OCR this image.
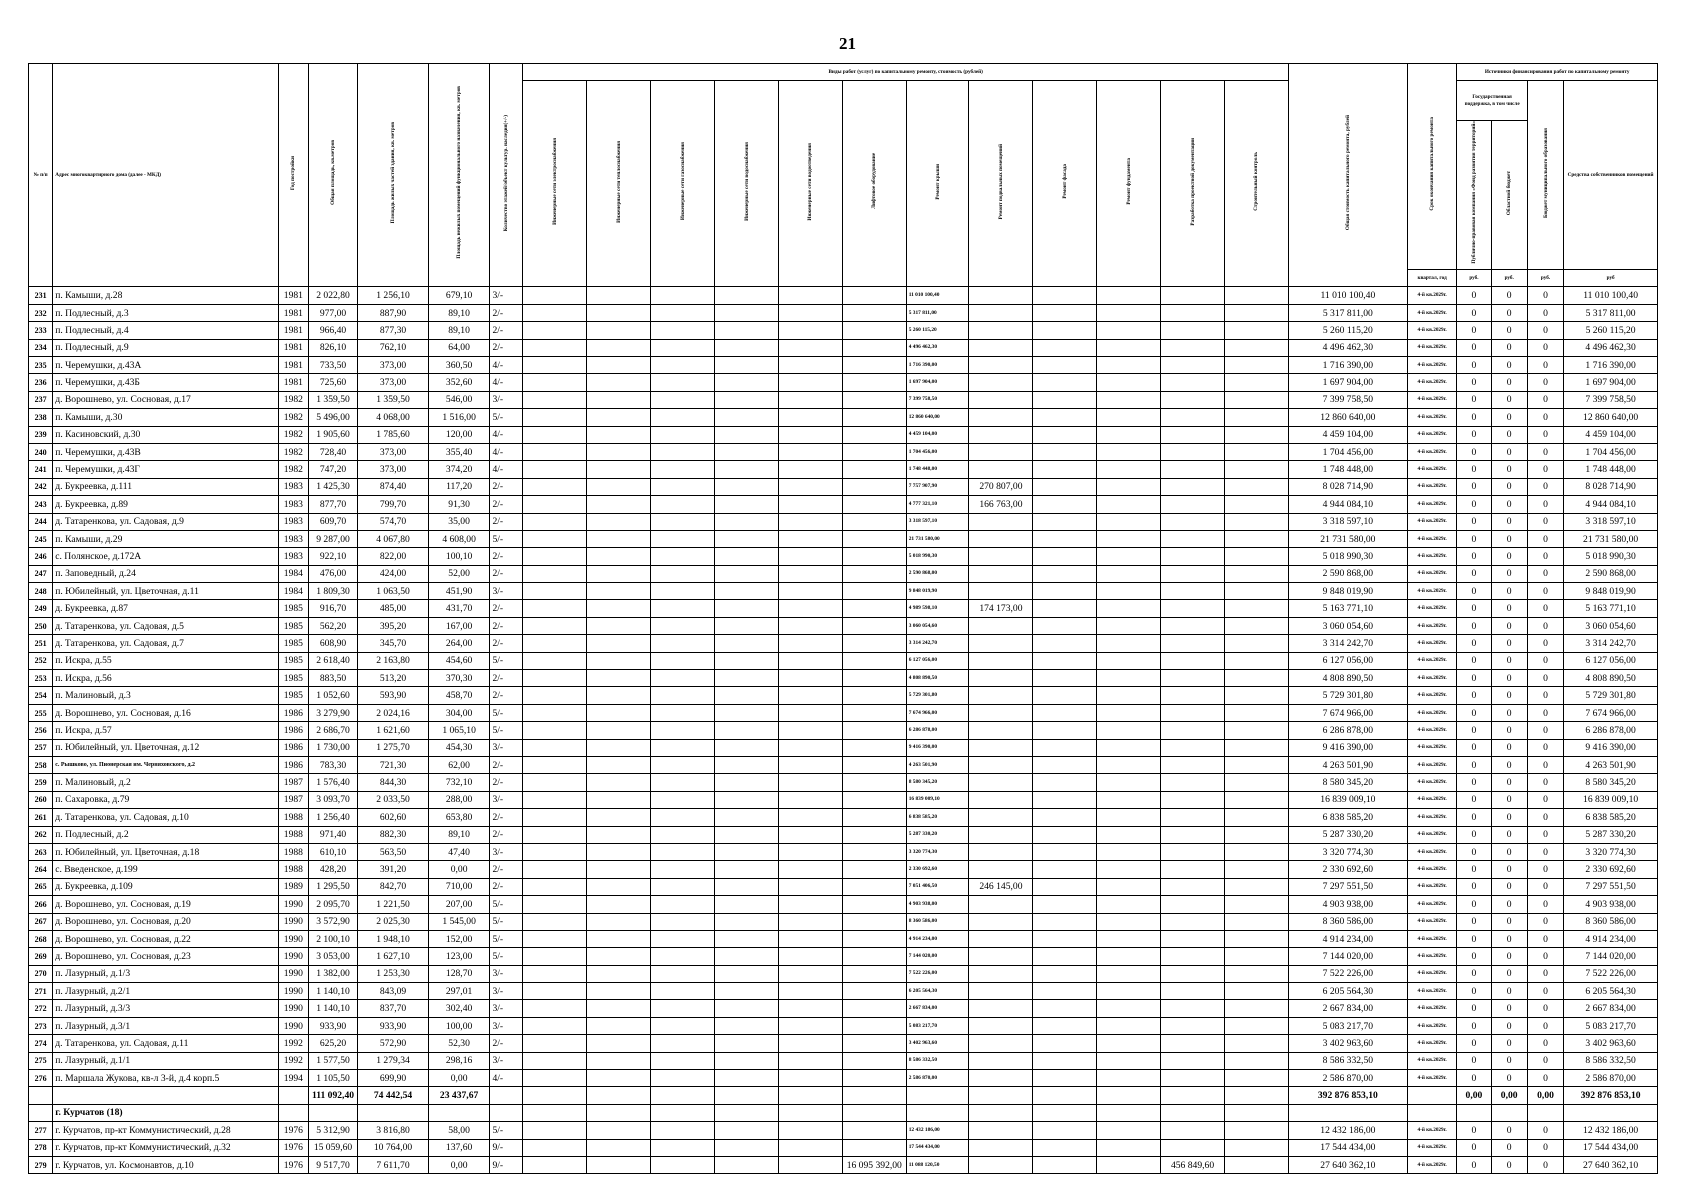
21
№ п/п	Адрес многоквартирного дома (далее - МКД)	Год постройки	Общая площадь, кв.метров	Площадь жилых частей здания, кв. метров	Площадь нежилых помещений функционального назначения, кв. метров	Количество этажей/объект культур. наследия(+/-)	Виды работ (услуг) по капитальному ремонту, стоимость (рублей)												Общая стоимость капитального ремонта, рублей	Срок окончания капитального ремонта	Источники финансирования работ по капитальному ремонту			
							Инженерные сети электроснабжения	Инженерные сети теплоснабжения	Инженерные сети газоснабжения	Инженерные сети водоснабжения	Инженерные сети водоотведения	Лифтовое оборудование	Ремонт крыши	Ремонт подвальных помещений	Ремонт фасада	Ремонт фундамента	Разработка проектной документации	Строительный контроль			Государственная поддержка, в том числе		Бюджет муниципального образования	Средства собственников помещений
																					Публично-правовая компания «Фонд развития территорий»	Областной бюджет		
																				квартал, год	руб.	руб.	руб.	руб
231	п. Камыши, д.28	1981	2 022,80	1 256,10	679,10	3/-							11 010 100,40						11 010 100,40	4-й кв.2029г.	0	0	0	11 010 100,40
232	п. Подлесный, д.3	1981	977,00	887,90	89,10	2/-							5 317 811,00						5 317 811,00	4-й кв.2029г.	0	0	0	5 317 811,00
233	п. Подлесный, д.4	1981	966,40	877,30	89,10	2/-							5 260 115,20						5 260 115,20	4-й кв.2029г.	0	0	0	5 260 115,20
234	п. Подлесный, д.9	1981	826,10	762,10	64,00	2/-							4 496 462,30						4 496 462,30	4-й кв.2029г.	0	0	0	4 496 462,30
235	п. Черемушки, д.43А	1981	733,50	373,00	360,50	4/-							1 716 390,00						1 716 390,00	4-й кв.2029г.	0	0	0	1 716 390,00
236	п. Черемушки, д.43Б	1981	725,60	373,00	352,60	4/-							1 697 904,00						1 697 904,00	4-й кв.2029г.	0	0	0	1 697 904,00
237	д. Ворошнево, ул. Сосновая, д.17	1982	1 359,50	1 359,50	546,00	3/-							7 399 758,50						7 399 758,50	4-й кв.2029г.	0	0	0	7 399 758,50
238	п. Камыши, д.30	1982	5 496,00	4 068,00	1 516,00	5/-							12 860 640,00						12 860 640,00	4-й кв.2029г.	0	0	0	12 860 640,00
239	п. Касиновский, д.30	1982	1 905,60	1 785,60	120,00	4/-							4 459 104,00						4 459 104,00	4-й кв.2029г.	0	0	0	4 459 104,00
240	п. Черемушки, д.43В	1982	728,40	373,00	355,40	4/-							1 704 456,00						1 704 456,00	4-й кв.2029г.	0	0	0	1 704 456,00
241	п. Черемушки, д.43Г	1982	747,20	373,00	374,20	4/-							1 748 448,00						1 748 448,00	4-й кв.2029г.	0	0	0	1 748 448,00
242	д. Букреевка, д.111	1983	1 425,30	874,40	117,20	2/-							7 757 907,90	270 807,00					8 028 714,90	4-й кв.2029г.	0	0	0	8 028 714,90
243	д. Букреевка, д.89	1983	877,70	799,70	91,30	2/-							4 777 321,10	166 763,00					4 944 084,10	4-й кв.2029г.	0	0	0	4 944 084,10
244	д. Татаренкова, ул. Садовая, д.9	1983	609,70	574,70	35,00	2/-							3 318 597,10						3 318 597,10	4-й кв.2029г.	0	0	0	3 318 597,10
245	п. Камыши, д.29	1983	9 287,00	4 067,80	4 608,00	5/-							21 731 580,00						21 731 580,00	4-й кв.2029г.	0	0	0	21 731 580,00
246	с. Полянское, д.172А	1983	922,10	822,00	100,10	2/-							5 018 990,30						5 018 990,30	4-й кв.2029г.	0	0	0	5 018 990,30
247	п. Заповедный, д.24	1984	476,00	424,00	52,00	2/-							2 590 868,00						2 590 868,00	4-й кв.2029г.	0	0	0	2 590 868,00
248	п. Юбилейный, ул. Цветочная, д.11	1984	1 809,30	1 063,50	451,90	3/-							9 848 019,90						9 848 019,90	4-й кв.2029г.	0	0	0	9 848 019,90
249	д. Букреевка, д.87	1985	916,70	485,00	431,70	2/-							4 989 598,10	174 173,00					5 163 771,10	4-й кв.2029г.	0	0	0	5 163 771,10
250	д. Татаренкова, ул. Садовая, д.5	1985	562,20	395,20	167,00	2/-							3 060 054,60						3 060 054,60	4-й кв.2029г.	0	0	0	3 060 054,60
251	д. Татаренкова, ул. Садовая, д.7	1985	608,90	345,70	264,00	2/-							3 314 242,70						3 314 242,70	4-й кв.2029г.	0	0	0	3 314 242,70
252	п. Искра, д.55	1985	2 618,40	2 163,80	454,60	5/-							6 127 056,00						6 127 056,00	4-й кв.2029г.	0	0	0	6 127 056,00
253	п. Искра, д.56	1985	883,50	513,20	370,30	2/-							4 808 890,50						4 808 890,50	4-й кв.2029г.	0	0	0	4 808 890,50
254	п. Малиновый, д.3	1985	1 052,60	593,90	458,70	2/-							5 729 301,80						5 729 301,80	4-й кв.2029г.	0	0	0	5 729 301,80
255	д. Ворошнево, ул. Сосновая, д.16	1986	3 279,90	2 024,16	304,00	5/-							7 674 966,00						7 674 966,00	4-й кв.2029г.	0	0	0	7 674 966,00
256	п. Искра, д.57	1986	2 686,70	1 621,60	1 065,10	5/-							6 286 878,00						6 286 878,00	4-й кв.2029г.	0	0	0	6 286 878,00
257	п. Юбилейный, ул. Цветочная, д.12	1986	1 730,00	1 275,70	454,30	3/-							9 416 390,00						9 416 390,00	4-й кв.2029г.	0	0	0	9 416 390,00
258	с. Рышково, ул. Пионерская им. Черняховского, д.2	1986	783,30	721,30	62,00	2/-							4 263 501,90						4 263 501,90	4-й кв.2029г.	0	0	0	4 263 501,90
259	п. Малиновый, д.2	1987	1 576,40	844,30	732,10	2/-							8 580 345,20						8 580 345,20	4-й кв.2029г.	0	0	0	8 580 345,20
260	п. Сахаровка, д.79	1987	3 093,70	2 033,50	288,00	3/-							16 839 009,10						16 839 009,10	4-й кв.2029г.	0	0	0	16 839 009,10
261	д. Татаренкова, ул. Садовая, д.10	1988	1 256,40	602,60	653,80	2/-							6 838 585,20						6 838 585,20	4-й кв.2029г.	0	0	0	6 838 585,20
262	п. Подлесный, д.2	1988	971,40	882,30	89,10	2/-							5 287 330,20						5 287 330,20	4-й кв.2029г.	0	0	0	5 287 330,20
263	п. Юбилейный, ул. Цветочная, д.18	1988	610,10	563,50	47,40	3/-							3 320 774,30						3 320 774,30	4-й кв.2029г.	0	0	0	3 320 774,30
264	с. Введенское, д.199	1988	428,20	391,20	0,00	2/-							2 330 692,60						2 330 692,60	4-й кв.2029г.	0	0	0	2 330 692,60
265	д. Букреевка, д.109	1989	1 295,50	842,70	710,00	2/-							7 051 406,50	246 145,00					7 297 551,50	4-й кв.2029г.	0	0	0	7 297 551,50
266	д. Ворошнево, ул. Сосновая, д.19	1990	2 095,70	1 221,50	207,00	5/-							4 903 938,00						4 903 938,00	4-й кв.2029г.	0	0	0	4 903 938,00
267	д. Ворошнево, ул. Сосновая, д.20	1990	3 572,90	2 025,30	1 545,00	5/-							8 360 586,00						8 360 586,00	4-й кв.2029г.	0	0	0	8 360 586,00
268	д. Ворошнево, ул. Сосновая, д.22	1990	2 100,10	1 948,10	152,00	5/-							4 914 234,00						4 914 234,00	4-й кв.2029г.	0	0	0	4 914 234,00
269	д. Ворошнево, ул. Сосновая, д.23	1990	3 053,00	1 627,10	123,00	5/-							7 144 020,00						7 144 020,00	4-й кв.2029г.	0	0	0	7 144 020,00
270	п. Лазурный, д.1/3	1990	1 382,00	1 253,30	128,70	3/-							7 522 226,00						7 522 226,00	4-й кв.2029г.	0	0	0	7 522 226,00
271	п. Лазурный, д.2/1	1990	1 140,10	843,09	297,01	3/-							6 205 564,30						6 205 564,30	4-й кв.2029г.	0	0	0	6 205 564,30
272	п. Лазурный, д.3/3	1990	1 140,10	837,70	302,40	3/-							2 667 834,00						2 667 834,00	4-й кв.2029г.	0	0	0	2 667 834,00
273	п. Лазурный, д.3/1	1990	933,90	933,90	100,00	3/-							5 083 217,70						5 083 217,70	4-й кв.2029г.	0	0	0	5 083 217,70
274	д. Татаренкова, ул. Садовая, д.11	1992	625,20	572,90	52,30	2/-							3 402 963,60						3 402 963,60	4-й кв.2029г.	0	0	0	3 402 963,60
275	п. Лазурный, д.1/1	1992	1 577,50	1 279,34	298,16	3/-							8 586 332,50						8 586 332,50	4-й кв.2029г.	0	0	0	8 586 332,50
276	п. Маршала Жукова, кв-л 3-й, д.4 корп.5	1994	1 105,50	699,90	0,00	4/-							2 586 870,00						2 586 870,00	4-й кв.2029г.	0	0	0	2 586 870,00
			111 092,40	74 442,54	23 437,67														392 876 853,10		0,00	0,00	0,00	392 876 853,10
	г. Курчатов (18)																							
277	г. Курчатов, пр-кт Коммунистический, д.28	1976	5 312,90	3 816,80	58,00	5/-							12 432 186,00						12 432 186,00	4-й кв.2029г.	0	0	0	12 432 186,00
278	г. Курчатов, пр-кт Коммунистический, д.32	1976	15 059,60	10 764,00	137,60	9/-							17 544 434,00						17 544 434,00	4-й кв.2029г.	0	0	0	17 544 434,00
279	г. Курчатов, ул. Космонавтов, д.10	1976	9 517,70	7 611,70	0,00	9/-						16 095 392,00	11 088 120,50				456 849,60		27 640 362,10	4-й кв.2029г.	0	0	0	27 640 362,10
